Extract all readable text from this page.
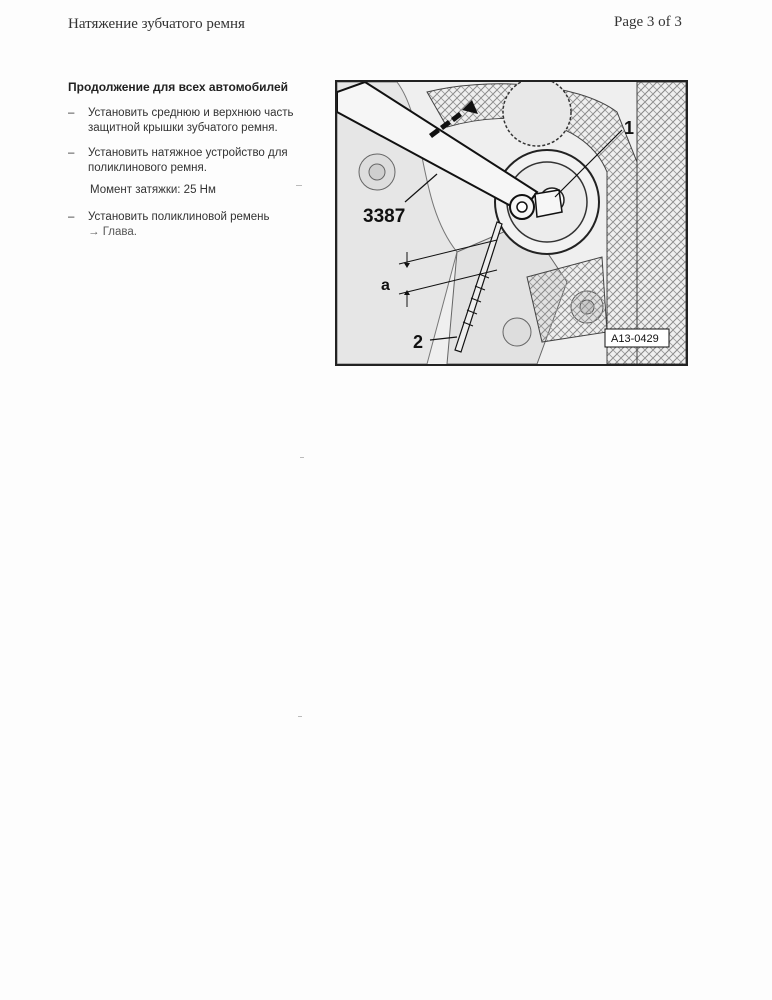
Натяжение зубчатого ремня	Page 3 of 3
Продолжение для всех автомобилей
–	Установить среднюю и верхнюю часть
защитной крышки зубчатого ремня.
–	Установить натяжное устройство для
поликлинового ремня.
Момент затяжки: 25 Нм
–	Установить поликлиновой ремень
→ Глава.
1
3387
a
2	A13-0429
